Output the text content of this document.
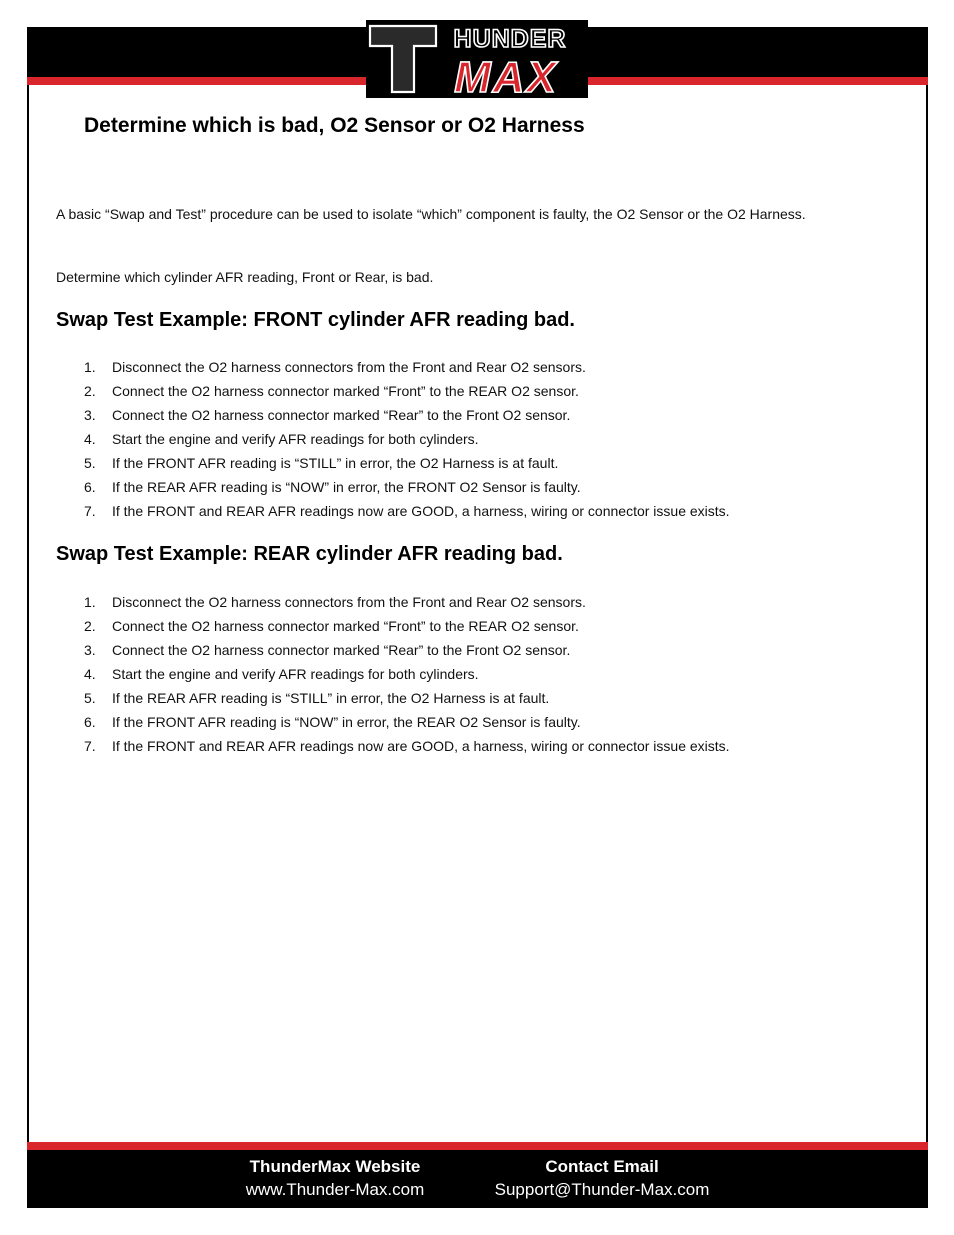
HUNDER
MAX
Determine which is bad, O2 Sensor or O2 Harness

A basic “Swap and Test” procedure can be used to isolate “which” component is faulty, the O2 Sensor or the O2 Harness.

Determine which cylinder AFR reading, Front or Rear, is bad.

Swap Test Example: FRONT cylinder AFR reading bad.
1. Disconnect the O2 harness connectors from the Front and Rear O2 sensors.
2. Connect the O2 harness connector marked “Front” to the REAR O2 sensor.
3. Connect the O2 harness connector marked “Rear” to the Front O2 sensor.
4. Start the engine and verify AFR readings for both cylinders.
5. If the FRONT AFR reading is “STILL” in error, the O2 Harness is at fault.
6. If the REAR AFR reading is “NOW” in error, the FRONT O2 Sensor is faulty.
7. If the FRONT and REAR AFR readings now are GOOD, a harness, wiring or connector issue exists.
Swap Test Example: REAR cylinder AFR reading bad.
1. Disconnect the O2 harness connectors from the Front and Rear O2 sensors.
2. Connect the O2 harness connector marked “Front” to the REAR O2 sensor.
3. Connect the O2 harness connector marked “Rear” to the Front O2 sensor.
4. Start the engine and verify AFR readings for both cylinders.
5. If the REAR AFR reading is “STILL” in error, the O2 Harness is at fault.
6. If the FRONT AFR reading is “NOW” in error, the REAR O2 Sensor is faulty.
7. If the FRONT and REAR AFR readings now are GOOD, a harness, wiring or connector issue exists.
ThunderMax Website
www.Thunder-Max.com
Contact Email
Support@Thunder-Max.com
